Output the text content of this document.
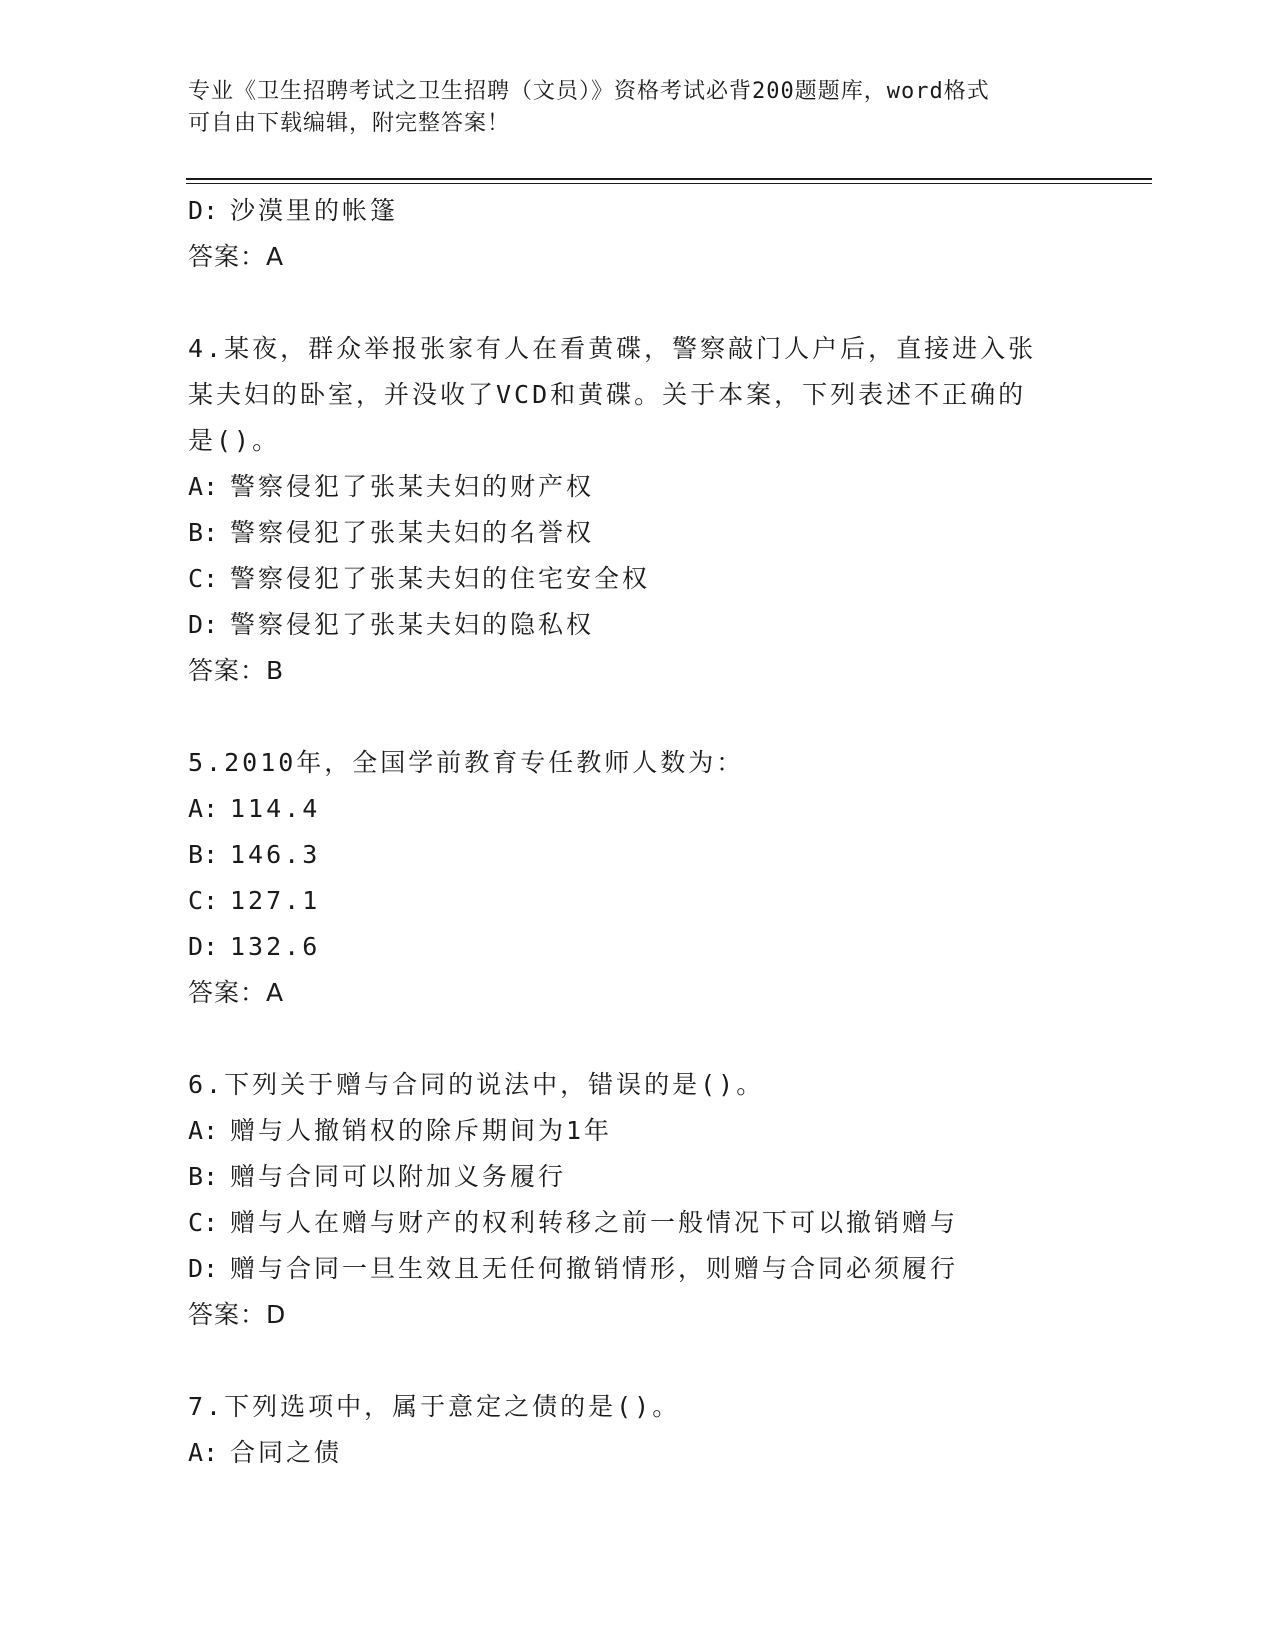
专业《卫生招聘考试之卫生招聘（文员）》资格考试必背200题题库，word格式
可自由下载编辑，附完整答案！
D: 沙漠里的帐篷
答案：A
4.某夜，群众举报张家有人在看黄碟，警察敲门人户后，直接进入张
某夫妇的卧室，并没收了VCD和黄碟。关于本案，下列表述不正确的
是()。
A: 警察侵犯了张某夫妇的财产权
B: 警察侵犯了张某夫妇的名誉权
C: 警察侵犯了张某夫妇的住宅安全权
D: 警察侵犯了张某夫妇的隐私权
答案：B
5.2010年，全国学前教育专任教师人数为：
A: 114.4
B: 146.3
C: 127.1
D: 132.6
答案：A
6.下列关于赠与合同的说法中，错误的是()。
A: 赠与人撤销权的除斥期间为1年
B: 赠与合同可以附加义务履行
C: 赠与人在赠与财产的权利转移之前一般情况下可以撤销赠与
D: 赠与合同一旦生效且无任何撤销情形，则赠与合同必须履行
答案：D
7.下列选项中，属于意定之债的是()。
A: 合同之债
